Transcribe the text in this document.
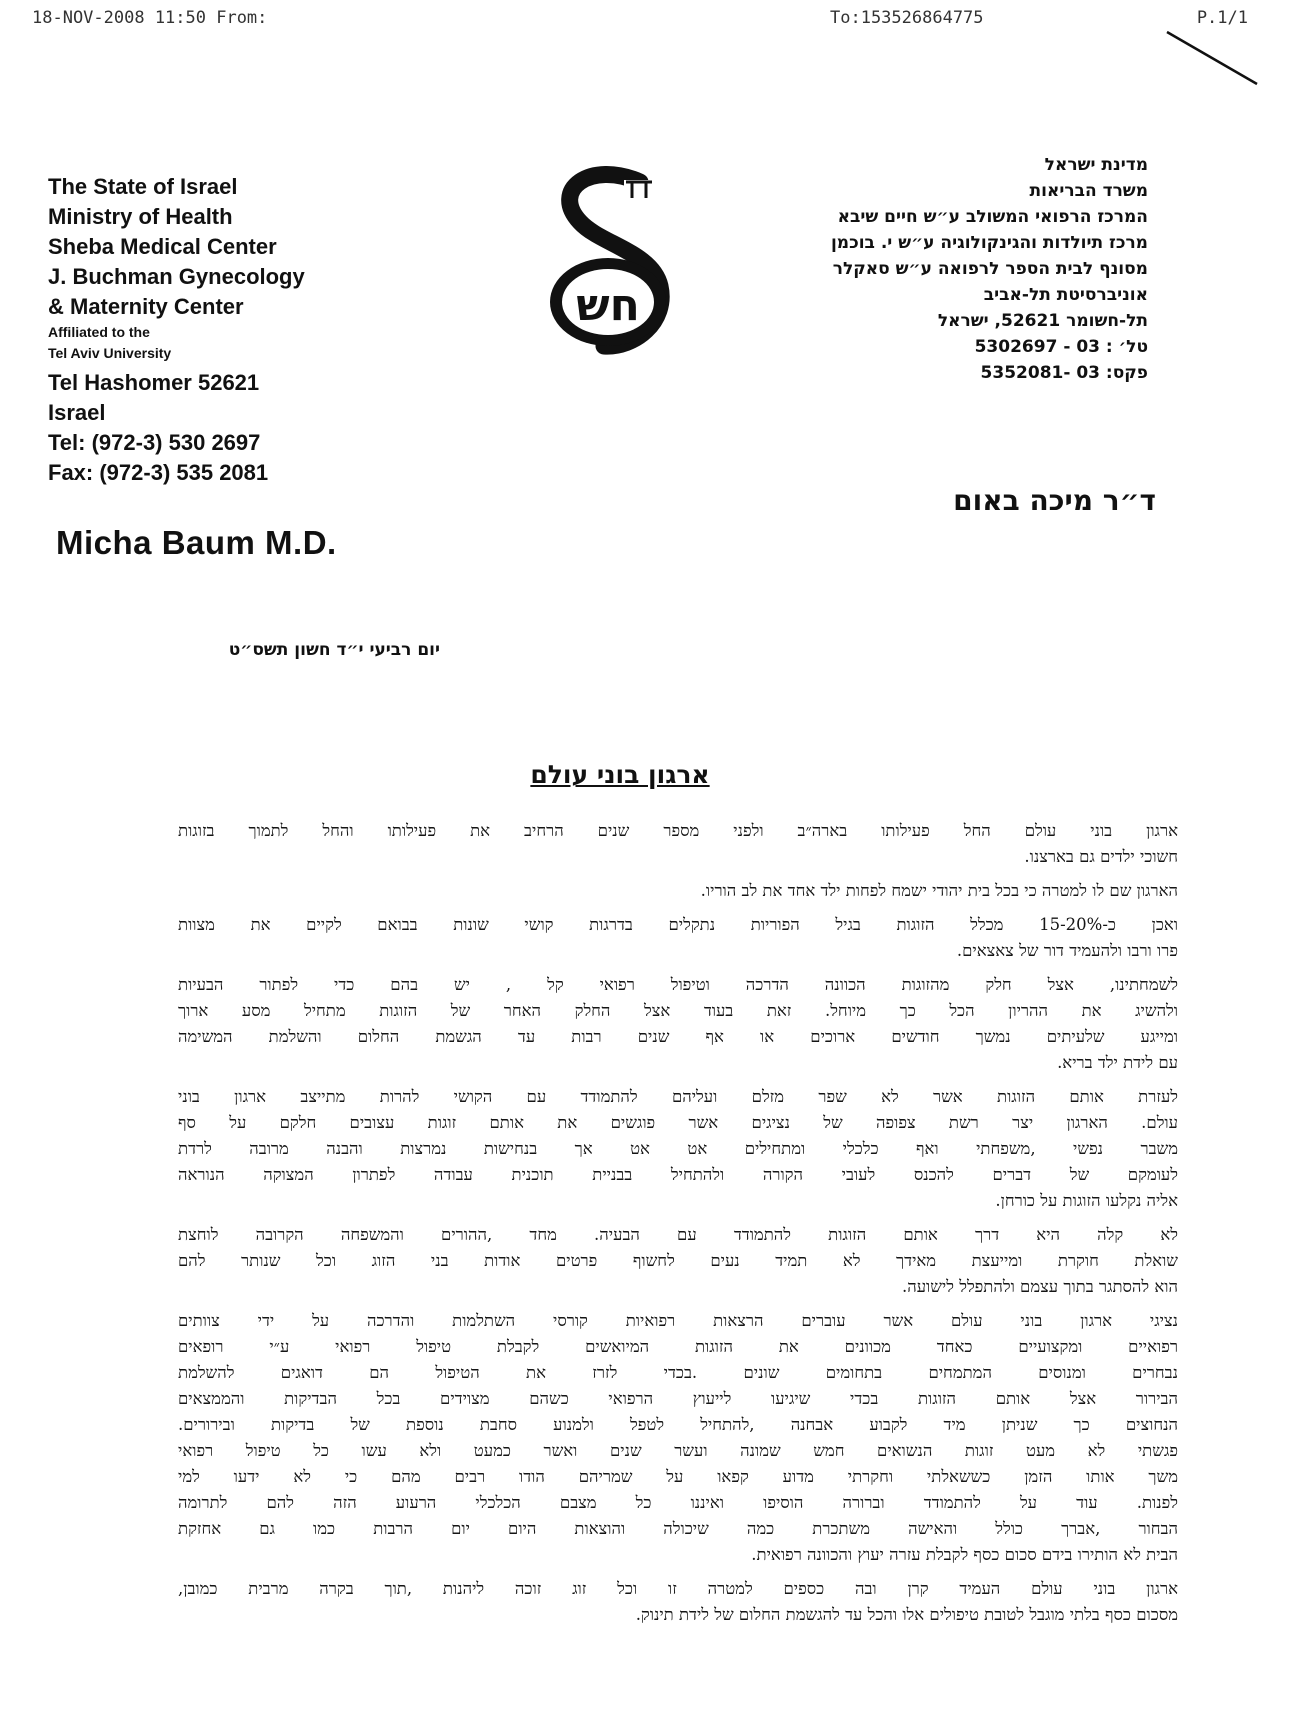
18-NOV-2008 11:50 From:	To:153526864775	P.1/1
The State of Israel
Ministry of Health
Sheba Medical Center
J. Buchman Gynecology
& Maternity Center
Affiliated to the
Tel Aviv University
Tel Hashomer 52621
Israel
Tel: (972-3) 530 2697
Fax: (972-3) 535 2081
חש
מדינת ישראל
משרד הבריאות
המרכז הרפואי המשולב ע״ש חיים שיבא
מרכז תיולדות והגינקולוגיה ע״ש י. בוכמן
מסונף לבית הספר לרפואה ע״ש סאקלר
אוניברסיטת תל-אביב
תל-חשומר 52621, ישראל
טל׳ : 03 - 5302697
פקס: 03 -5352081
ד״ר מיכה באום
Micha Baum M.D.
יום רביעי י״ד חשון תשס״ט
ארגון בוני עולם
ארגון בוני עולם החל פעילותו בארה״ב ולפני מספר שנים הרחיב את פעילותו והחל לתמוך בזוגות
חשוכי ילדים גם בארצנו.
הארגון שם לו למטרה כי בכל בית יהודי ישמח לפחות ילד אחד את לב הוריו.
ואכן כ-15-20% מכלל הזוגות בגיל הפוריות נתקלים בדרגות קושי שונות בבואם לקיים את מצוות
פרו ורבו ולהעמיד דור של צאצאים.
לשמחתינו, אצל חלק מהזוגות הכוונה הדרכה וטיפול רפואי קל , יש בהם כדי לפתור הבעיות
ולהשיג את ההריון הכל כך מיוחל. זאת בעוד אצל החלק האחר של הזוגות מתחיל מסע ארוך
ומייגע שלעיתים נמשך חודשים ארוכים או אף שנים רבות עד הגשמת החלום והשלמת המשימה
עם לידת ילד בריא.
לעזרת אותם הזוגות אשר לא שפר מזלם ועליהם להתמודד עם הקושי להרות מתייצב ארגון בוני
עולם. הארגון יצר רשת צפופה של נציגים אשר פוגשים את אותם זוגות עצובים חלקם על סף
משבר נפשי ,משפחתי ואף כלכלי ומתחילים אט אט אך בנחישות נמרצות והבנה מרובה לרדת
לעומקם של דברים להכנס לעובי הקורה ולהתחיל בבניית תוכנית עבודה לפתרון המצוקה הנוראה
אליה נקלעו הזוגות על כורחן.
לא קלה היא דרך אותם הזוגות להתמודד עם הבעיה. מחד ,ההורים והמשפחה הקרובה לוחצת
שואלת חוקרת ומייעצת מאידך לא תמיד נעים לחשוף פרטים אודות בני הזוג וכל שנותר להם
הוא להסתגר בתוך עצמם ולהתפלל לישועה.
נציגי ארגון בוני עולם אשר עוברים הרצאות רפואיות קורסי השתלמות והדרכה על ידי צוותים
רפואיים ומקצועיים כאחד מכוונים את הזוגות המיואשים לקבלת טיפול רפואי ע״י רופאים
נבחרים ומנוסים המתמחים בתחומים שונים .בכדי לזרז את הטיפול הם דואגים להשלמת
הבירור אצל אותם הזוגות בכדי שיגיעו לייעוץ הרפואי כשהם מצוידים בכל הבדיקות והממצאים
הנחוצים כך שניתן מיד לקבוע אבחנה ,להתחיל לטפל ולמנוע סחבת נוספת של בדיקות ובירורים.
פגשתי לא מעט זוגות הנשואים חמש שמונה ועשר שנים ואשר כמעט ולא עשו כל טיפול רפואי
משך אותו הזמן כששאלתי וחקרתי מדוע קפאו על שמריהם הודו רבים מהם כי לא ידעו למי
לפנות. עוד על להתמודד וברורה הוסיפו ואיננו כל מצבם הכלכלי הרעוע הזה להם לתרומה
הבחור ,אברך כולל והאישה משתכרת כמה שיכולה והוצאות היום יום הרבות כמו גם אחזקת
הבית לא הותירו בידם סכום כסף לקבלת עזרה יעוץ והכוונה רפואית.
ארגון בוני עולם העמיד קרן ובה כספים למטרה זו וכל זוג זוכה ליהנות ,תוך בקרה מרבית כמובן,
מסכום כסף בלתי מוגבל לטובת טיפולים אלו והכל עד להגשמת החלום של לידת תינוק.
